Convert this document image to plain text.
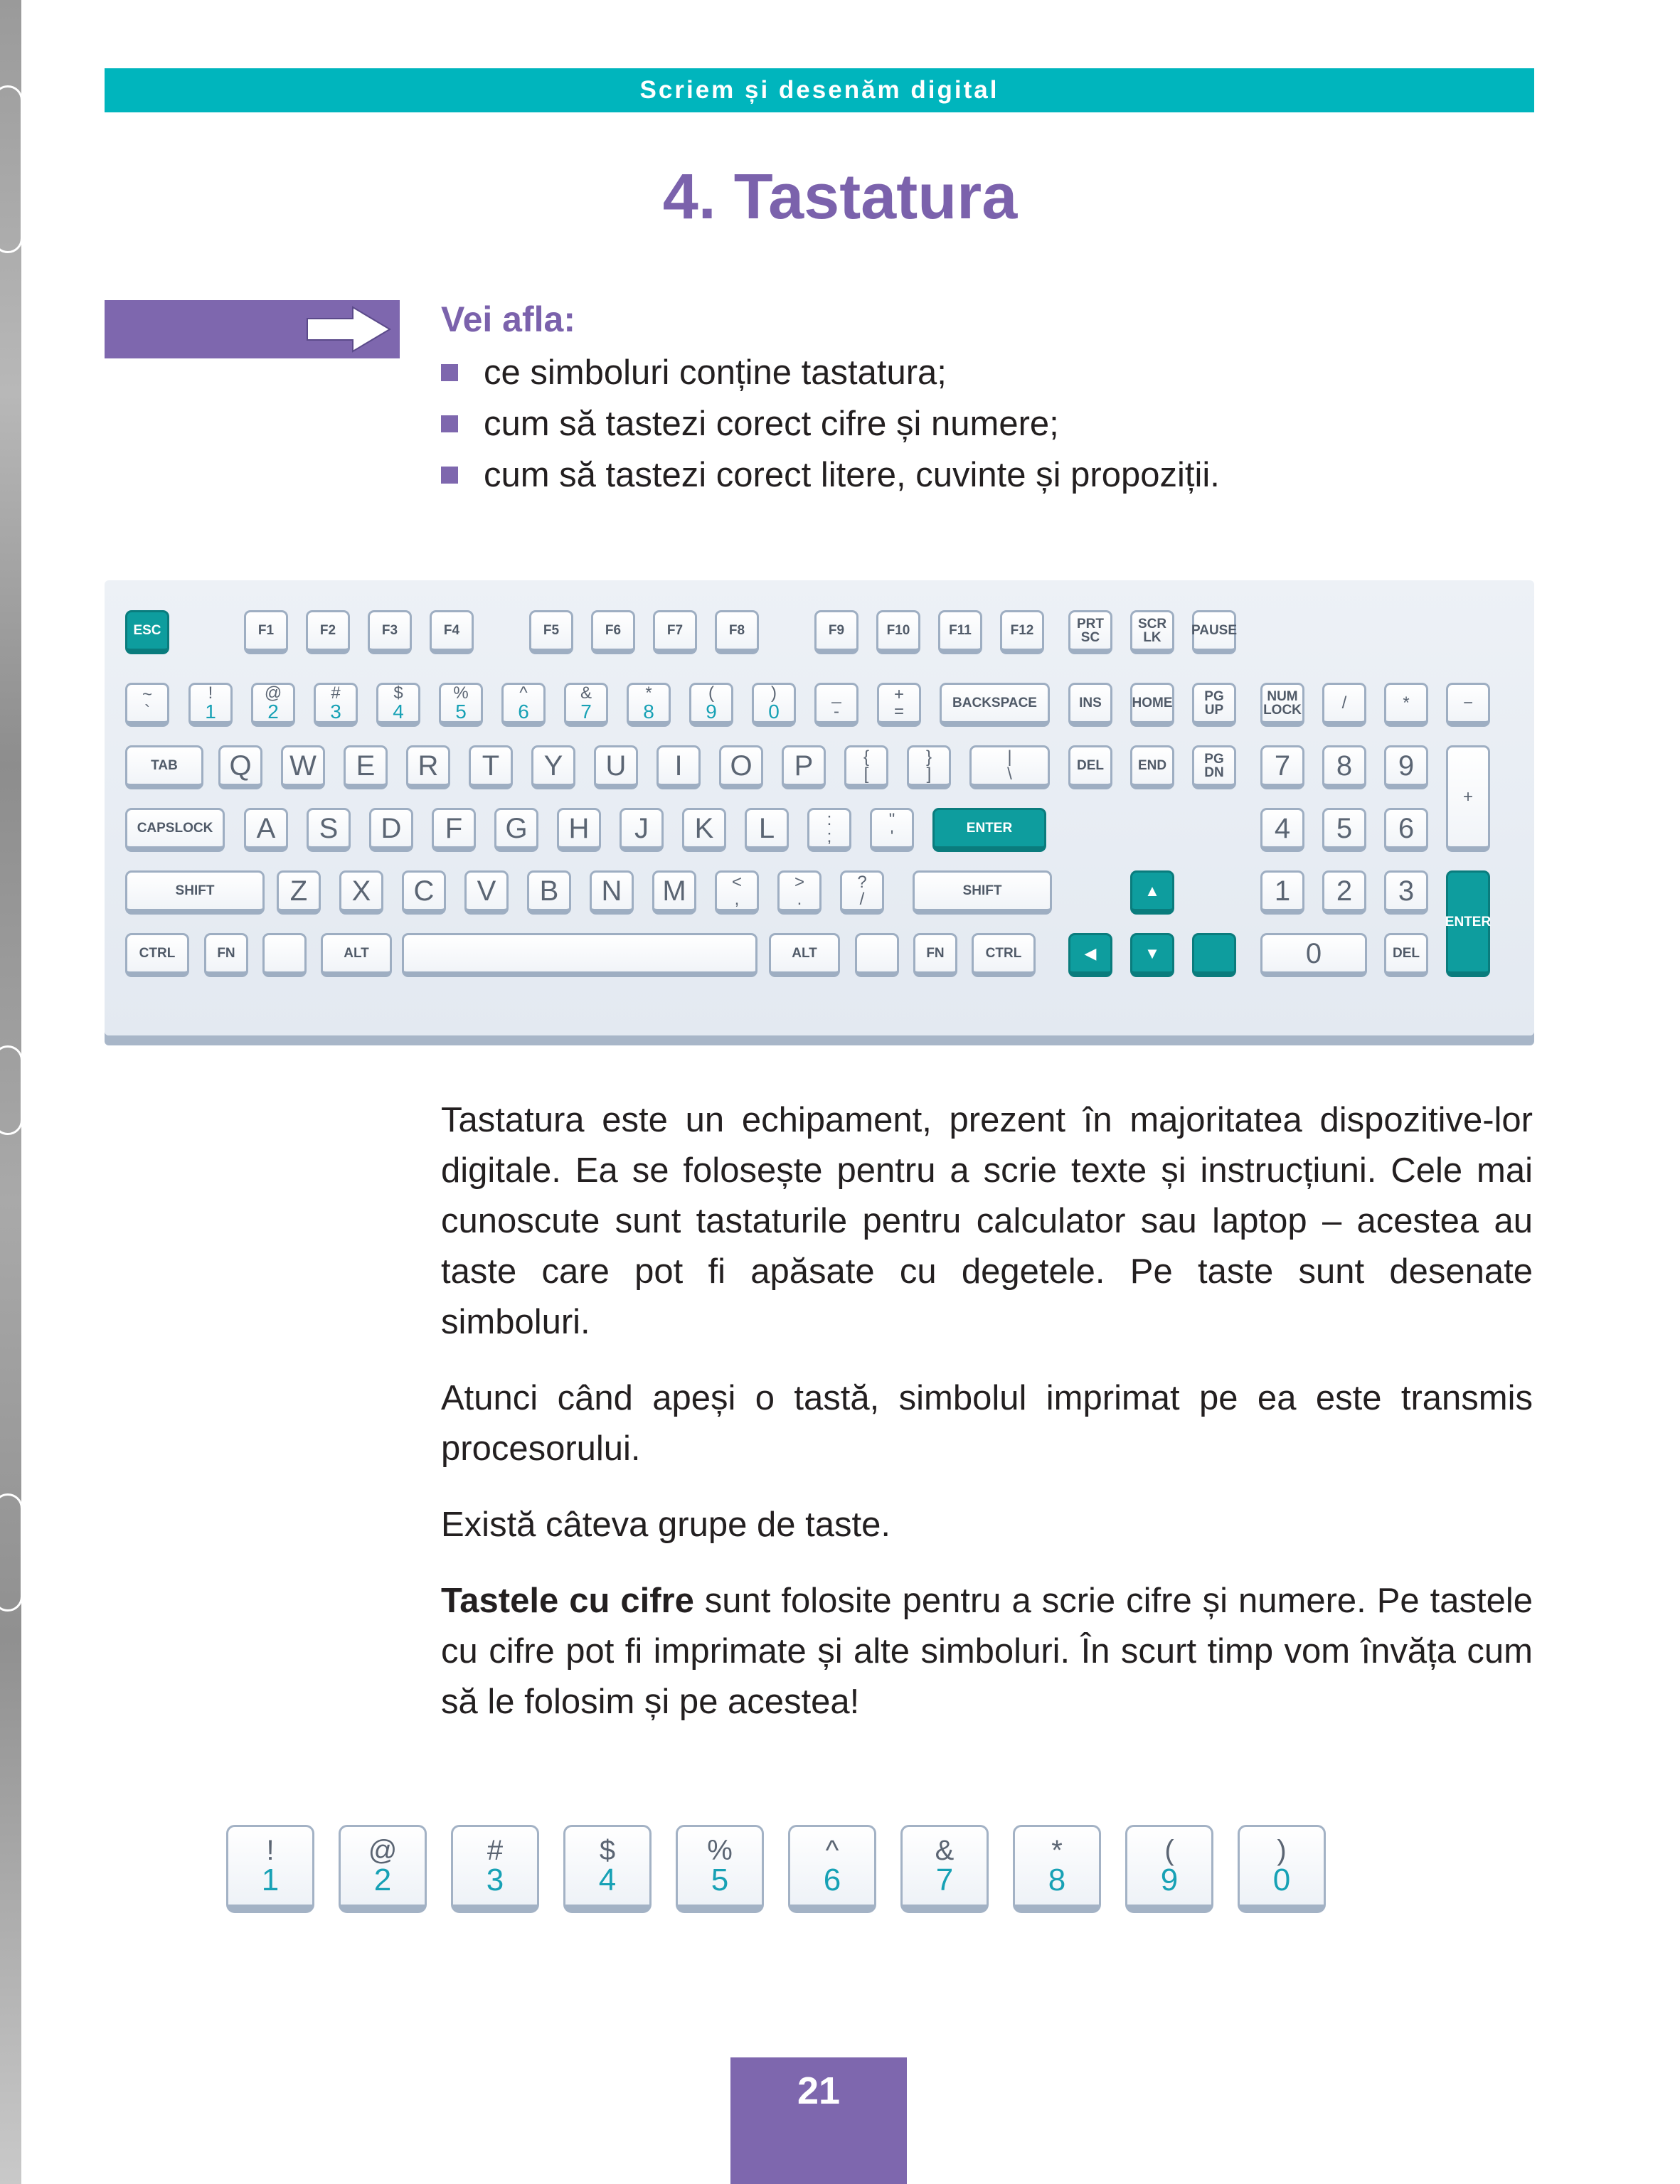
Scriem și desenăm digital
4. Tastatura
Vei afla:
ce simboluri conține tastatura;
cum să tastezi corect cifre și numere;
cum să tastezi corect litere, cuvinte și propoziții.
ESC	F1	F2	F3	F4	F5	F6	F7	F8	F9	F10	F11	F12	PRT SC
SCR LK	PAUSE
~
`
!
1
@
2
#
3
$
4
%
5
^
6
&
7
*
8
(
9
)
0
_
-
+
=	BACKSPACE
TAB Q W E R T Y U I O P	{
[
}
]
|
\
CAPSLOCK A S D F G H J K L	:
;
"
'	ENTER
SHIFT	Z X C V B N M	<
,
>
.
?
/	SHIFT
CTRL	FN	ALT	ALT	FN	CTRL
INS HOME	PG UP
DEL	END	PG DN
▲
◀	▼
NUM LOCK /	*	−
7 8 9
4 5 6
1 2 3
+
ENTER
0	DEL

Tastatura este un echipament, prezent în majoritatea dispozitive-lor digitale. Ea se folosește pentru a scrie texte și instrucțiuni. Cele mai cunoscute sunt tastaturile pentru calculator sau laptop – acestea au taste care pot fi apăsate cu degetele. Pe taste sunt desenate simboluri.

Atunci când apeși o tastă, simbolul imprimat pe ea este transmis procesorului.

Există câteva grupe de taste.

Tastele cu cifre sunt folosite pentru a scrie cifre și numere. Pe tastele cu cifre pot fi imprimate și alte simboluri. În scurt timp vom învăța cum să le folosim și pe acestea!

!
1
@
2
#
3
$
4
%
5
^
6
&
7
*
8
(
9
)
0
21
